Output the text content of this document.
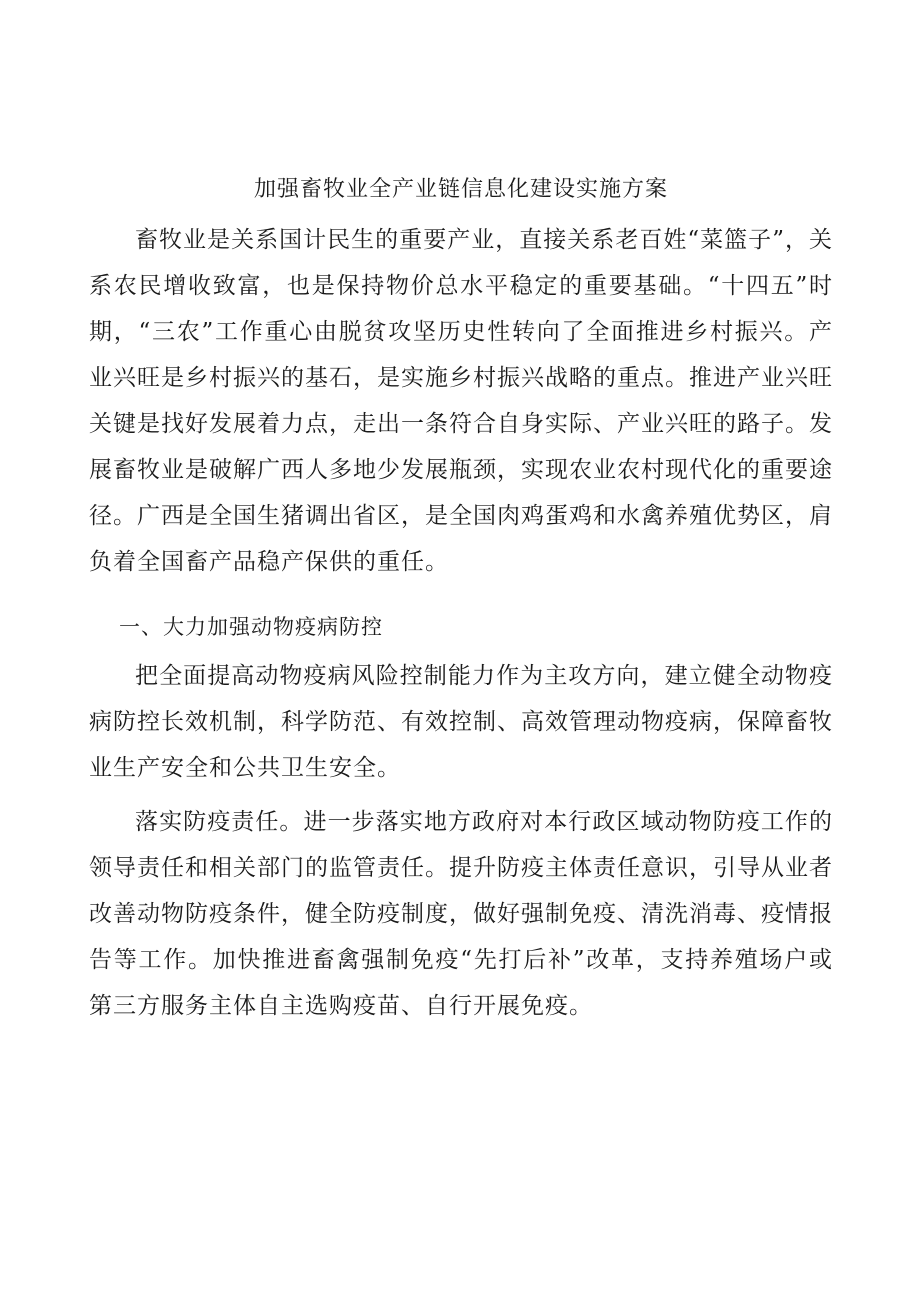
加强畜牧业全产业链信息化建设实施方案

畜牧业是关系国计民生的重要产业，直接关系老百姓“菜篮子”，关系农民增收致富，也是保持物价总水平稳定的重要基础。“十四五”时期，“三农”工作重心由脱贫攻坚历史性转向了全面推进乡村振兴。产业兴旺是乡村振兴的基石，是实施乡村振兴战略的重点。推进产业兴旺关键是找好发展着力点，走出一条符合自身实际、产业兴旺的路子。发展畜牧业是破解广西人多地少发展瓶颈，实现农业农村现代化的重要途径。广西是全国生猪调出省区，是全国肉鸡蛋鸡和水禽养殖优势区，肩负着全国畜产品稳产保供的重任。

一、大力加强动物疫病防控

把全面提高动物疫病风险控制能力作为主攻方向，建立健全动物疫病防控长效机制，科学防范、有效控制、高效管理动物疫病，保障畜牧业生产安全和公共卫生安全。

落实防疫责任。进一步落实地方政府对本行政区域动物防疫工作的领导责任和相关部门的监管责任。提升防疫主体责任意识，引导从业者改善动物防疫条件，健全防疫制度，做好强制免疫、清洗消毒、疫情报告等工作。加快推进畜禽强制免疫“先打后补”改革，支持养殖场户或第三方服务主体自主选购疫苗、自行开展免疫。
